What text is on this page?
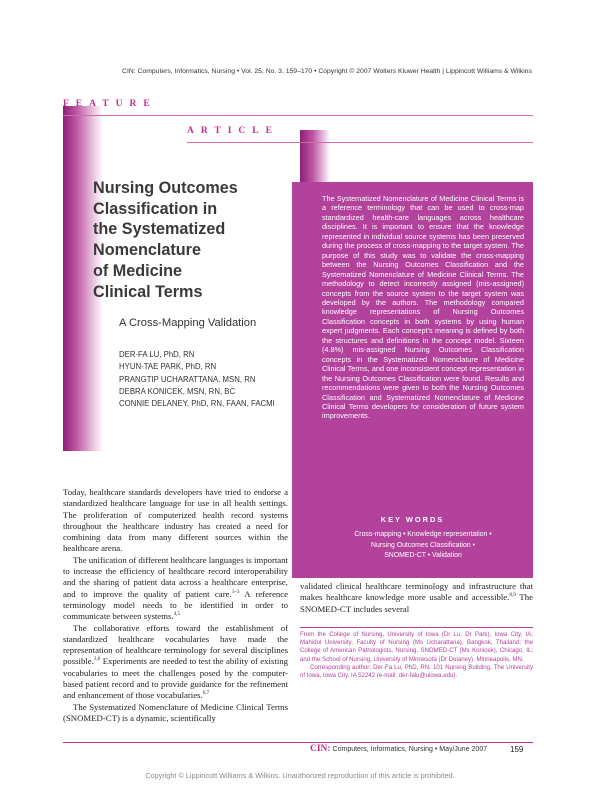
CIN: Computers, Informatics, Nursing • Vol. 25, No. 3, 159–170 • Copyright © 2007 Wolters Kluwer Health | Lippincott Williams & Wilkins
FEATURE
ARTICLE
Nursing Outcomes
Classification in
the Systematized
Nomenclature
of Medicine
Clinical Terms
A Cross-Mapping Validation
DER-FA LU, PhD, RN
HYUN-TAE PARK, PhD, RN
PRANGTIP UCHARATTANA, MSN, RN
DEBRA KONICEK, MSN, RN, BC
CONNIE DELANEY, PhD, RN, FAAN, FACMI
The Systematized Nomenclature of Medicine Clinical Terms is a reference terminology that can be used to cross-map standardized health-care languages across healthcare disciplines. It is important to ensure that the knowledge represented in individual source systems has been preserved during the process of cross-mapping to the target system. The purpose of this study was to validate the cross-mapping between the Nursing Outcomes Classification and the Systematized Nomenclature of Medicine Clinical Terms. The methodology to detect incorrectly assigned (mis-assigned) concepts from the source system to the target system was developed by the authors. The methodology compared knowledge representations of Nursing Outcomes Classification concepts in both systems by using human expert judgments. Each concept's meaning is defined by both the structures and definitions in the concept model. Sixteen (4.8%) mis-assigned Nursing Outcomes Classification concepts in the Systematized Nomenclature of Medicine Clinical Terms, and one inconsistent concept representation in the Nursing Outcomes Classification were found. Results and recommendations were given to both the Nursing Outcomes Classification and Systematized Nomenclature of Medicine Clinical Terms developers for consideration of future system improvements.
KEY WORDS
Cross-mapping • Knowledge representation •
Nursing Outcomes Classification •
SNOMED-CT • Validation

Today, healthcare standards developers have tried to endorse a standardized healthcare language for use in all health settings. The proliferation of computerized health record systems throughout the healthcare industry has created a need for combining data from many different sources within the healthcare arena.

The unification of different healthcare languages is important to increase the efficiency of healthcare record interoperability and the sharing of patient data across a healthcare enterprise, and to improve the quality of patient care.$^{1-3}$ A reference terminology model needs to be identified in order to communicate between systems.$^{4,5}$

The collaborative efforts toward the establishment of standardized healthcare vocabularies have made the representation of healthcare terminology for several disciplines possible.$^{3,6}$ Experiments are needed to test the ability of existing vocabularies to meet the challenges posed by the computer-based patient record and to provide guidance for the refinement and enhancement of those vocabularies.$^{6,7}$

The Systematized Nomenclature of Medicine Clinical Terms (SNOMED-CT) is a dynamic, scientifically

validated clinical healthcare terminology and infrastructure that makes healthcare knowledge more usable and accessible.$^{8,9}$ The SNOMED-CT includes several

From the College of Nursing, University of Iowa (Dr Lu, Dr Park), Iowa City, IA; Mahidol University, Faculty of Nursing (Ms Ucharattana), Bangkok, Thailand; the College of American Pathologists, Nursing, SNOMED-CT (Ms Konicek), Chicago, IL; and the School of Nursing, University of Minnesota (Dr Delaney), Minneapolis, MN.

Corresponding author: Der-Fa Lu, PhD, RN, 101 Nursing Building, The University of Iowa, Iowa City, IA 52242 (e-mail: der-falu@uiowa.edu).

CIN: Computers, Informatics, Nursing • May/June 2007	159
Copyright © Lippincott Williams & Wilkins. Unauthorized reproduction of this article is prohibited.
